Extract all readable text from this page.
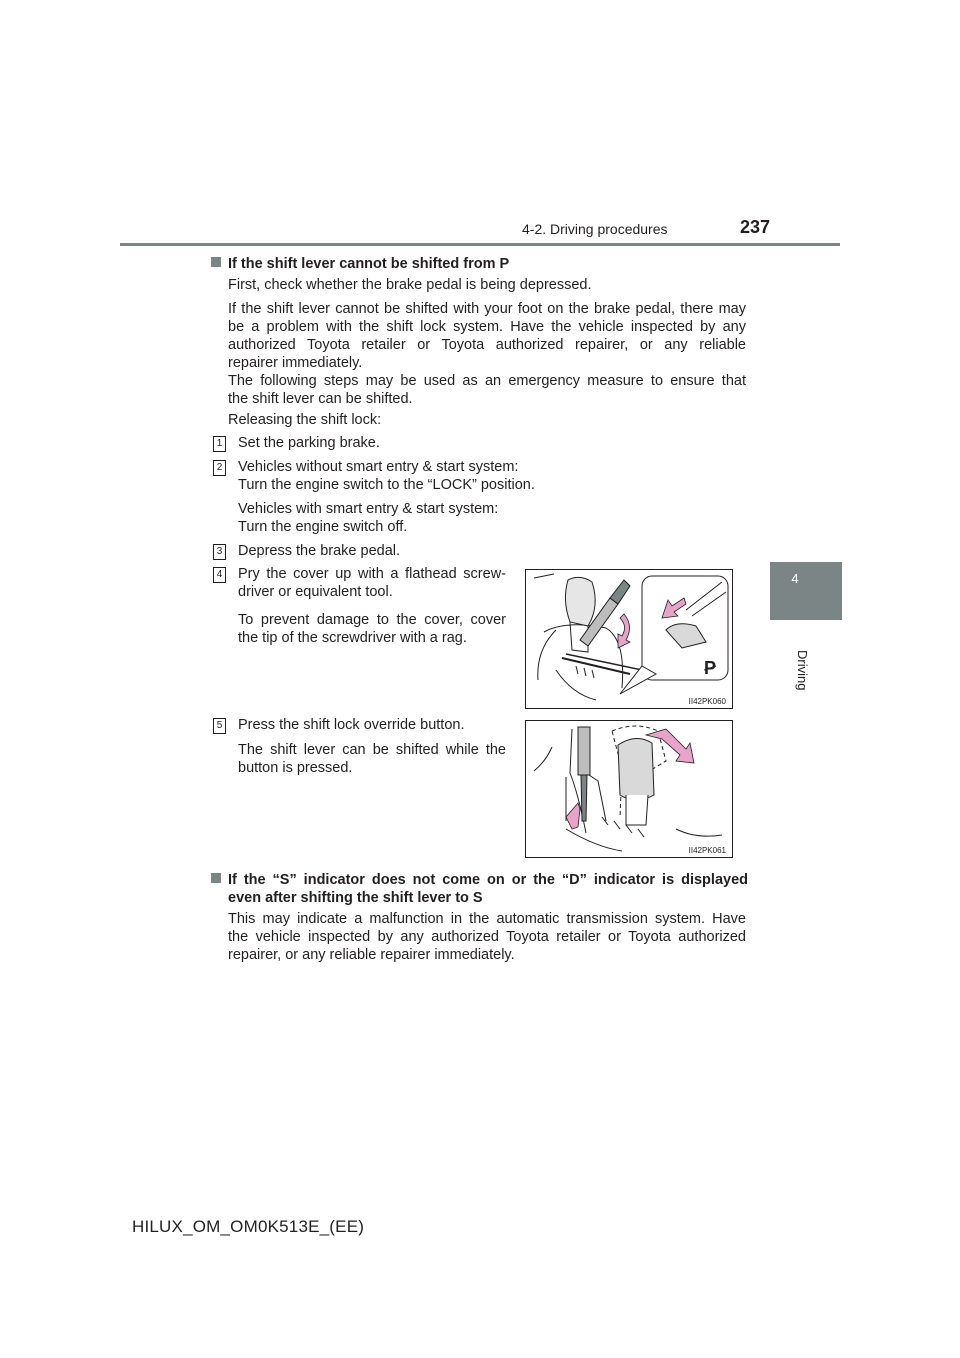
4-2. Driving procedures	237
4
Driving
If the shift lever cannot be shifted from P
First, check whether the brake pedal is being depressed.
If the shift lever cannot be shifted with your foot on the brake pedal, there may
be a problem with the shift lock system. Have the vehicle inspected by any
authorized Toyota retailer or Toyota authorized repairer, or any reliable
repairer immediately.
The following steps may be used as an emergency measure to ensure that
the shift lever can be shifted.
Releasing the shift lock:
1 Set the parking brake.
2 Vehicles without smart entry & start system:
Turn the engine switch to the “LOCK” position.
Vehicles with smart entry & start system:
Turn the engine switch off.
3 Depress the brake pedal.
4 Pry the cover up with a flathead screw-
driver or equivalent tool.
To prevent damage to the cover, cover
the tip of the screwdriver with a rag.
P
II42PK060
5 Press the shift lock override button.
The shift lever can be shifted while the
button is pressed.
II42PK061
If the “S” indicator does not come on or the “D” indicator is displayed
even after shifting the shift lever to S
This may indicate a malfunction in the automatic transmission system. Have
the vehicle inspected by any authorized Toyota retailer or Toyota authorized
repairer, or any reliable repairer immediately.
HILUX_OM_OM0K513E_(EE)
